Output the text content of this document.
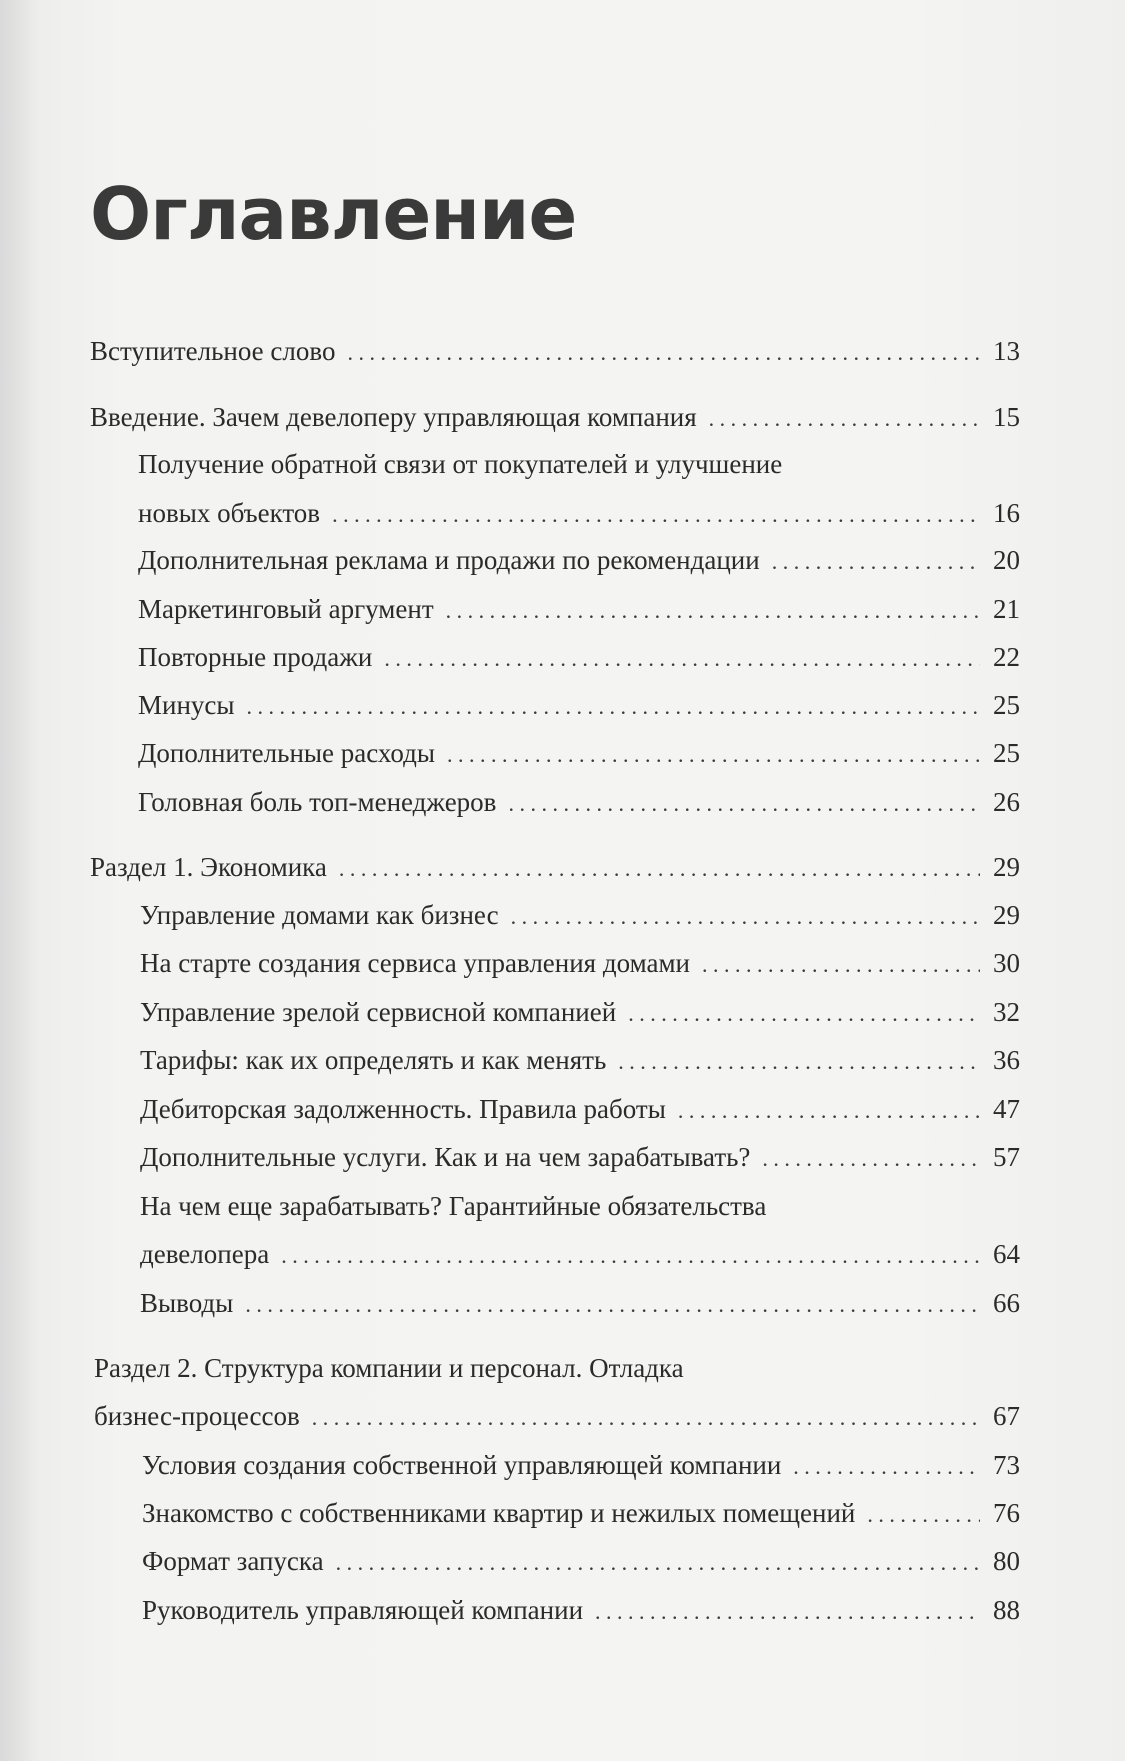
Оглавление
Вступительное слово . . .	13
Введение. Зачем девелоперу управляющая компания . . .	15
Получение обратной связи от покупателей и улучшение
новых объектов . . .	16
Дополнительная реклама и продажи по рекомендации . . .	20
Маркетинговый аргумент . . .	21
Повторные продажи . . .	22
Минусы . . .	25
Дополнительные расходы . . .	25
Головная боль топ-менеджеров . . .	26
Раздел 1. Экономика . . .	29
Управление домами как бизнес . . .	29
На старте создания сервиса управления домами . . .	30
Управление зрелой сервисной компанией . . .	32
Тарифы: как их определять и как менять . . .	36
Дебиторская задолженность. Правила работы . . .	47
Дополнительные услуги. Как и на чем зарабатывать? . . .	57
На чем еще зарабатывать? Гарантийные обязательства
девелопера . . .	64
Выводы . . .	66
Раздел 2. Структура компании и персонал. Отладка
бизнес-процессов . . .	67
Условия создания собственной управляющей компании . . .	73
Знакомство с собственниками квартир и нежилых помещений . . .	76
Формат запуска . . .	80
Руководитель управляющей компании . . .	88
